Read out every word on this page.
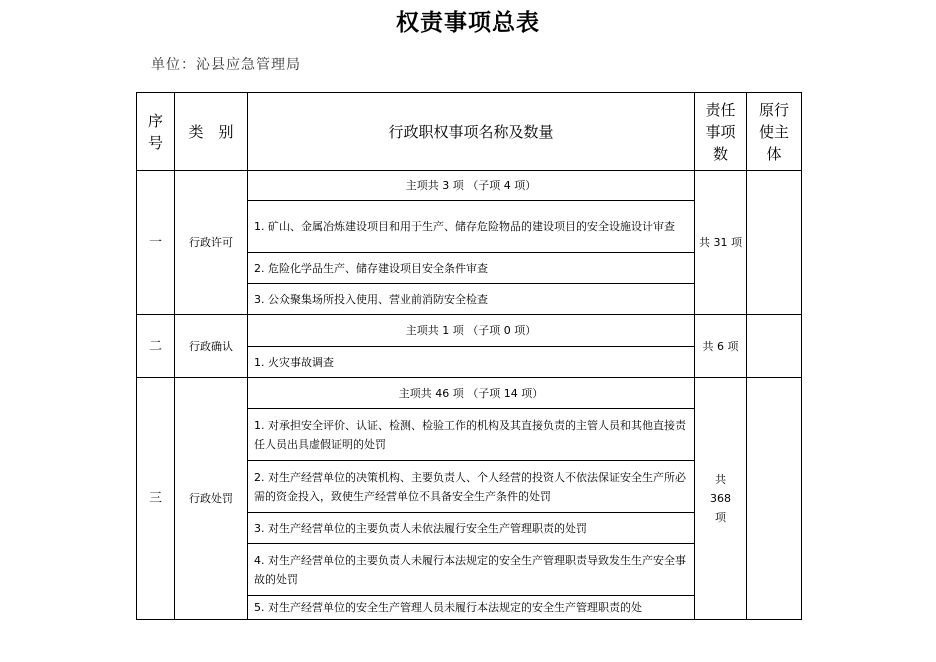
权责事项总表
单位：沁县应急管理局
序号	类　别	行政职权事项名称及数量	责任事项数	原行使主体
一	行政许可	主项共 3 项 （子项 4 项）	共 31 项	
		1. 矿山、金属冶炼建设项目和用于生产、储存危险物品的建设项目的安全设施设计审查		
		2. 危险化学品生产、储存建设项目安全条件审查		
		3. 公众聚集场所投入使用、营业前消防安全检查		
二	行政确认	主项共 1 项 （子项 0 项）	共 6 项	
		1. 火灾事故调查		
三	行政处罚	主项共 46 项 （子项 14 项）	共 368 项	
		1. 对承担安全评价、认证、检测、检验工作的机构及其直接负责的主管人员和其他直接责任人员出具虚假证明的处罚		
		2. 对生产经营单位的决策机构、主要负责人、个人经营的投资人不依法保证安全生产所必需的资金投入，致使生产经营单位不具备安全生产条件的处罚		
		3. 对生产经营单位的主要负责人未依法履行安全生产管理职责的处罚		
		4. 对生产经营单位的主要负责人未履行本法规定的安全生产管理职责导致发生生产安全事故的处罚		
		5. 对生产经营单位的安全生产管理人员未履行本法规定的安全生产管理职责的处		
